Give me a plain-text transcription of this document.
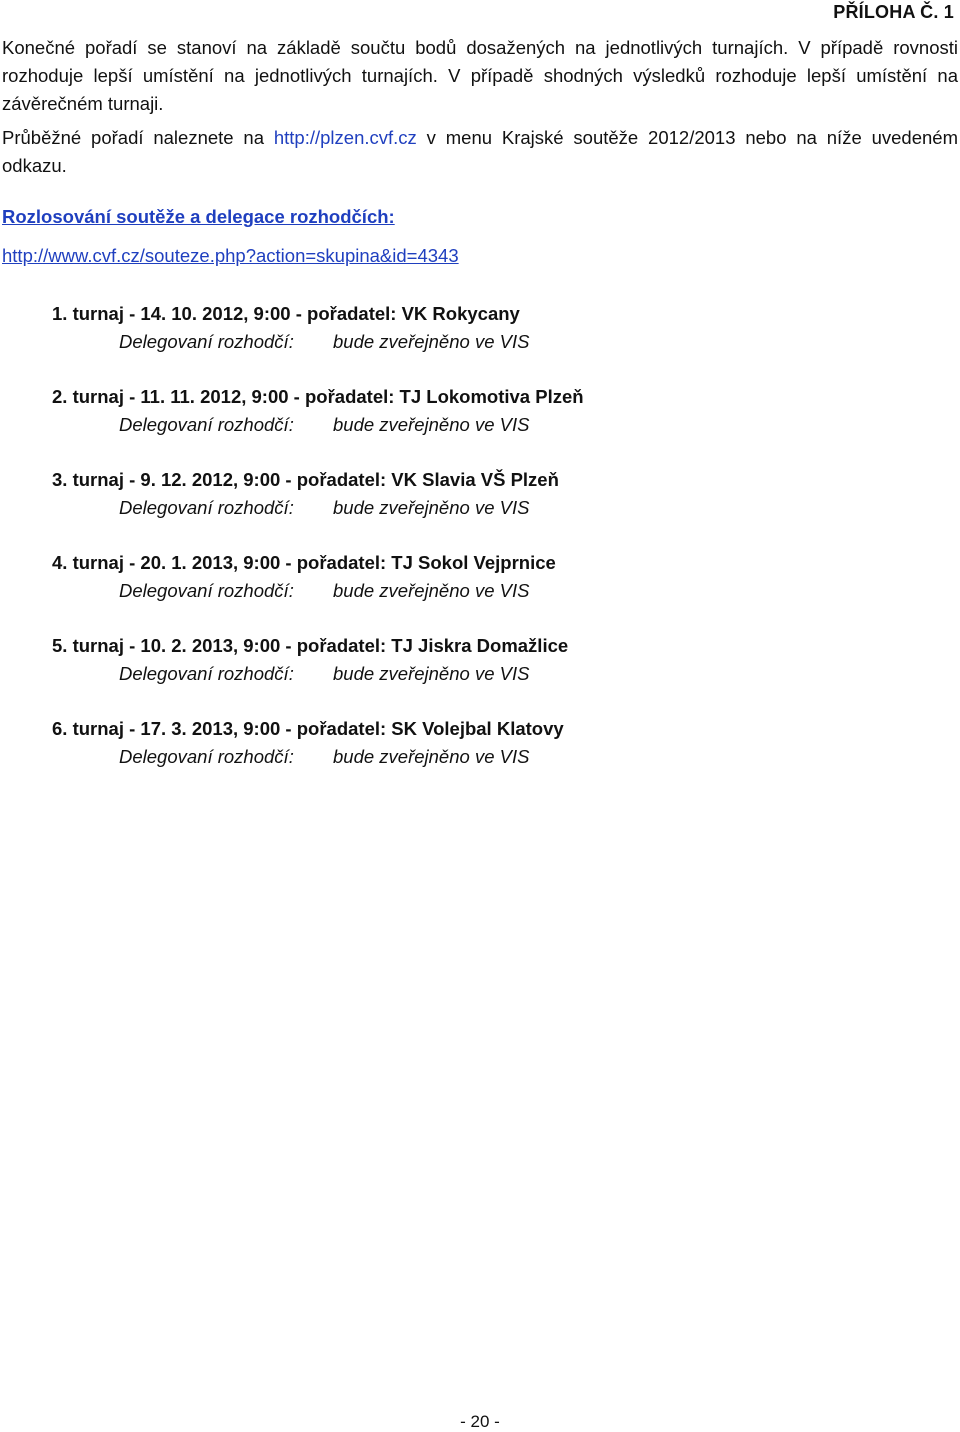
PŘÍLOHA Č. 1
Konečné pořadí se stanoví na základě součtu bodů dosažených na jednotlivých turnajích. V případě rovnosti rozhoduje lepší umístění na jednotlivých turnajích. V případě shodných výsledků rozhoduje lepší umístění na závěrečném turnaji.
Průběžné pořadí naleznete na http://plzen.cvf.cz v menu Krajské soutěže 2012/2013 nebo na níže uvedeném odkazu.
Rozlosování soutěže a delegace rozhodčích:
http://www.cvf.cz/souteze.php?action=skupina&id=4343
1. turnaj - 14. 10. 2012, 9:00 - pořadatel: VK Rokycany
Delegovaní rozhodčí: bude zveřejněno ve VIS
2. turnaj - 11. 11. 2012, 9:00 - pořadatel: TJ Lokomotiva Plzeň
Delegovaní rozhodčí: bude zveřejněno ve VIS
3. turnaj - 9. 12. 2012, 9:00 - pořadatel: VK Slavia VŠ Plzeň
Delegovaní rozhodčí: bude zveřejněno ve VIS
4. turnaj - 20. 1. 2013, 9:00 - pořadatel: TJ Sokol Vejprnice
Delegovaní rozhodčí: bude zveřejněno ve VIS
5. turnaj - 10. 2. 2013, 9:00 - pořadatel: TJ Jiskra Domažlice
Delegovaní rozhodčí: bude zveřejněno ve VIS
6. turnaj - 17. 3. 2013, 9:00 - pořadatel: SK Volejbal Klatovy
Delegovaní rozhodčí: bude zveřejněno ve VIS
- 20 -
